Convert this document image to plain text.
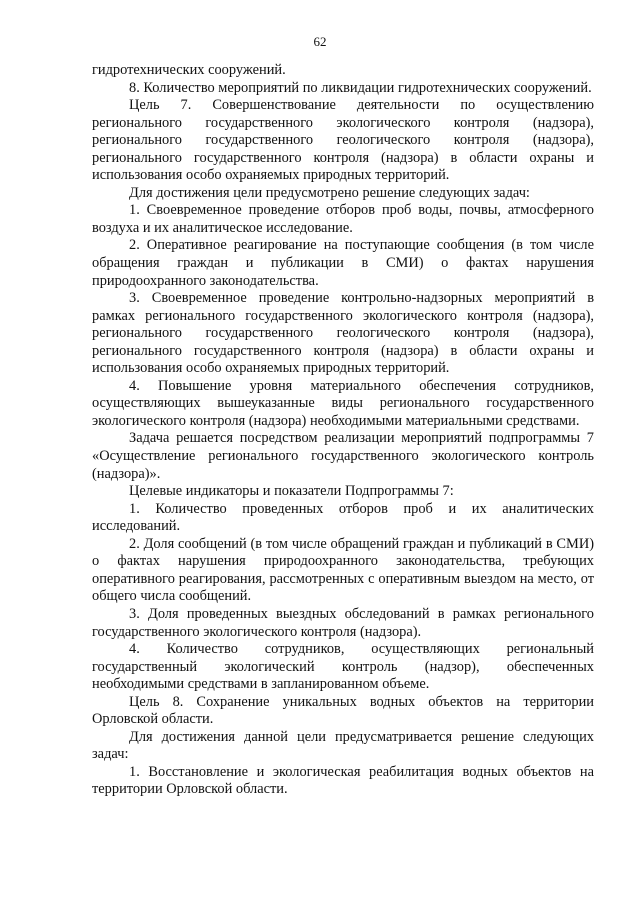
62

гидротехнических сооружений.

8. Количество мероприятий по ликвидации гидротехнических сооружений.

Цель 7. Совершенствование деятельности по осуществлению регионального государственного экологического контроля (надзора), регионального государственного геологического контроля (надзора), регионального государственного контроля (надзора) в области охраны и использования особо охраняемых природных территорий.

Для достижения цели предусмотрено решение следующих задач:

1. Своевременное проведение отборов проб воды, почвы, атмосферного воздуха и их аналитическое исследование.

2. Оперативное реагирование на поступающие сообщения (в том числе обращения граждан и публикации в СМИ) о фактах нарушения природоохранного законодательства.

3. Своевременное проведение контрольно-надзорных мероприятий в рамках регионального государственного экологического контроля (надзора), регионального государственного геологического контроля (надзора), регионального государственного контроля (надзора) в области охраны и использования особо охраняемых природных территорий.

4. Повышение уровня материального обеспечения сотрудников, осуществляющих вышеуказанные виды регионального государственного экологического контроля (надзора) необходимыми материальными средствами.

Задача решается посредством реализации мероприятий подпрограммы 7 «Осуществление регионального государственного экологического контроль (надзора)».

Целевые индикаторы и показатели Подпрограммы 7:

1. Количество проведенных отборов проб и их аналитических исследований.

2. Доля сообщений (в том числе обращений граждан и публикаций в СМИ) о фактах нарушения природоохранного законодательства, требующих оперативного реагирования, рассмотренных с оперативным выездом на место, от общего числа сообщений.

3. Доля проведенных выездных обследований в рамках регионального государственного экологического контроля (надзора).

4. Количество сотрудников, осуществляющих региональный государственный экологический контроль (надзор), обеспеченных необходимыми средствами в запланированном объеме.

Цель 8. Сохранение уникальных водных объектов на территории Орловской области.

Для достижения данной цели предусматривается решение следующих задач:

1. Восстановление и экологическая реабилитация водных объектов на территории Орловской области.
